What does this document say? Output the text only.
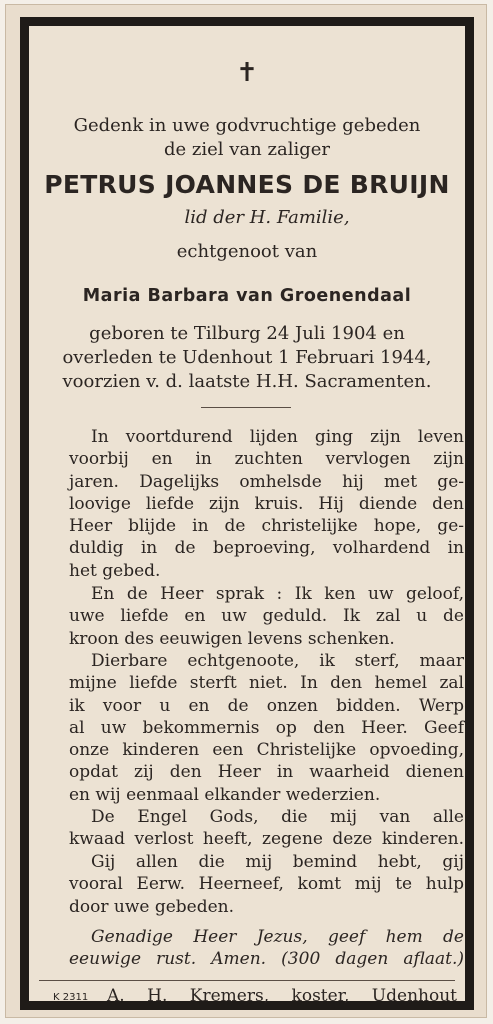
✝
Gedenk in uwe godvruchtige gebeden
de ziel van zaliger
PETRUS JOANNES DE BRUIJN
lid der H. Familie,
echtgenoot van
Maria Barbara van Groenendaal
geboren te Tilburg 24 Juli 1904 en
overleden te Udenhout 1 Februari 1944,
voorzien v. d. laatste H.H. Sacramenten.
In voortdurend lijden ging zijn leven
voorbij en in zuchten vervlogen zijn
jaren. Dagelijks omhelsde hij met ge-
loovige liefde zijn kruis. Hij diende den
Heer blijde in de christelijke hope, ge-
duldig in de beproeving, volhardend in
het gebed.
En de Heer sprak : Ik ken uw geloof,
uwe liefde en uw geduld. Ik zal u de
kroon des eeuwigen levens schenken.
Dierbare echtgenoote, ik sterf, maar
mijne liefde sterft niet. In den hemel zal
ik voor u en de onzen bidden. Werp
al uw bekommernis op den Heer. Geef
onze kinderen een Christelijke opvoeding,
opdat zij den Heer in waarheid dienen
en wij eenmaal elkander wederzien.
De Engel Gods, die mij van alle
kwaad verlost heeft, zegene deze kinderen.
Gij allen die mij bemind hebt, gij
vooral Eerw. Heerneef, komt mij te hulp
door uwe gebeden.
Genadige Heer Jezus, geef hem de
eeuwige rust. Amen. (300 dagen aflaat.)
K 2311 A. H. Kremers, koster, Udenhout
